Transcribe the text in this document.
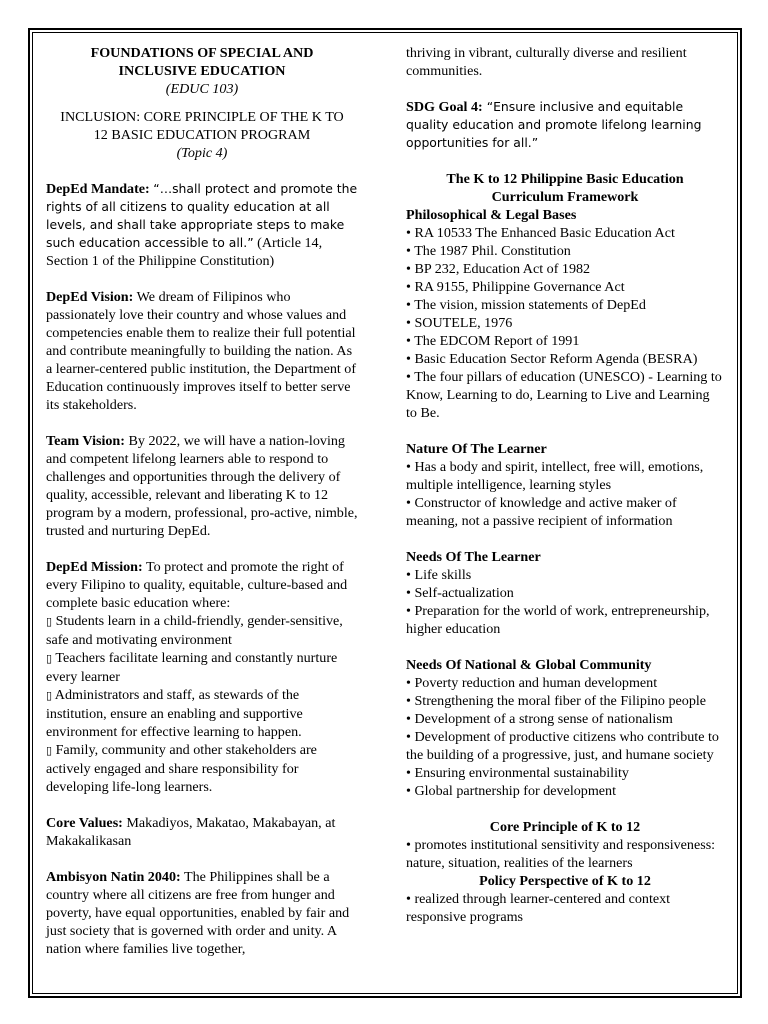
FOUNDATIONS OF SPECIAL AND
INCLUSIVE EDUCATION
(EDUC 103)
INCLUSION: CORE PRINCIPLE OF THE K TO
12 BASIC EDUCATION PROGRAM
(Topic 4)

DepEd Mandate: “…shall protect and promote the rights of all citizens to quality education at all levels, and shall take appropriate steps to make such education accessible to all.” (Article 14, Section 1 of the Philippine Constitution)

DepEd Vision: We dream of Filipinos who passionately love their country and whose values and competencies enable them to realize their full potential and contribute meaningfully to building the nation. As a learner-centered public institution, the Department of Education continuously improves itself to better serve its stakeholders.

Team Vision: By 2022, we will have a nation-loving and competent lifelong learners able to respond to challenges and opportunities through the delivery of quality, accessible, relevant and liberating K to 12 program by a modern, professional, pro-active, nimble, trusted and nurturing DepEd.

DepEd Mission: To protect and promote the right of every Filipino to quality, equitable, culture-based and complete basic education where:

▯ Students learn in a child-friendly, gender-sensitive, safe and motivating environment

▯ Teachers facilitate learning and constantly nurture every learner

▯ Administrators and staff, as stewards of the institution, ensure an enabling and supportive environment for effective learning to happen.

▯ Family, community and other stakeholders are actively engaged and share responsibility for developing life-long learners.

Core Values: Makadiyos, Makatao, Makabayan, at Makakalikasan

Ambisyon Natin 2040: The Philippines shall be a country where all citizens are free from hunger and poverty, have equal opportunities, enabled by fair and just society that is governed with order and unity. A nation where families live together,

thriving in vibrant, culturally diverse and resilient communities.

SDG Goal 4: “Ensure inclusive and equitable quality education and promote lifelong learning opportunities for all.”

The K to 12 Philippine Basic Education
Curriculum Framework
Philosophical & Legal Bases
• RA 10533 The Enhanced Basic Education Act
• The 1987 Phil. Constitution
• BP 232, Education Act of 1982
• RA 9155, Philippine Governance Act
• The vision, mission statements of DepEd
• SOUTELE, 1976
• The EDCOM Report of 1991
• Basic Education Sector Reform Agenda (BESRA)
• The four pillars of education (UNESCO) - Learning to Know, Learning to do, Learning to Live and Learning to Be.
Nature Of The Learner
• Has a body and spirit, intellect, free will, emotions, multiple intelligence, learning styles
• Constructor of knowledge and active maker of meaning, not a passive recipient of information
Needs Of The Learner
• Life skills
• Self-actualization
• Preparation for the world of work, entrepreneurship, higher education
Needs Of National & Global Community
• Poverty reduction and human development
• Strengthening the moral fiber of the Filipino people
• Development of a strong sense of nationalism
• Development of productive citizens who contribute to the building of a progressive, just, and humane society
• Ensuring environmental sustainability
• Global partnership for development
Core Principle of K to 12

• promotes institutional sensitivity and responsiveness: nature, situation, realities of the learners

Policy Perspective of K to 12

• realized through learner-centered and context responsive programs
